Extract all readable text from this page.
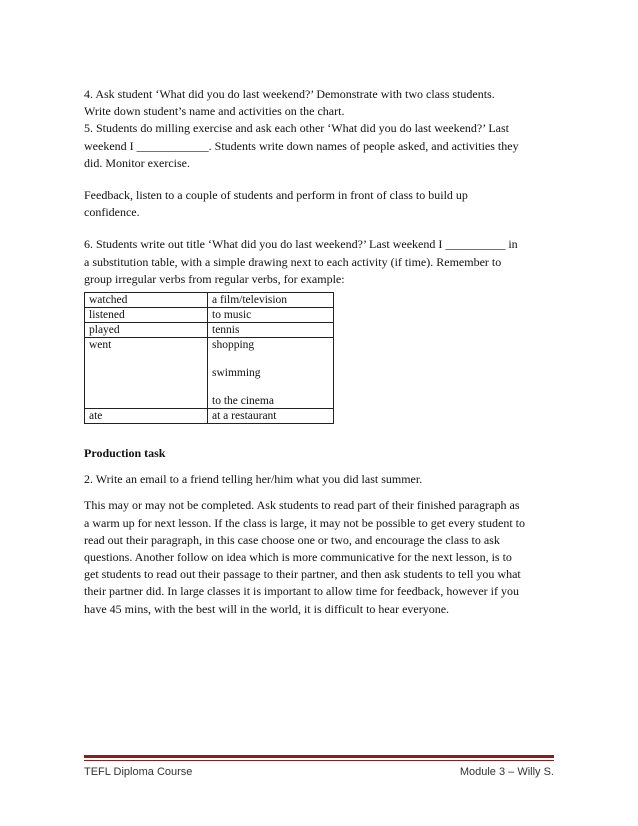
4. Ask student ‘What did you do last weekend?’ Demonstrate with two class students.

Write down student’s name and activities on the chart.

5. Students do milling exercise and ask each other ‘What did you do last weekend?’ Last

weekend I ____________. Students write down names of people asked, and activities they

did. Monitor exercise.

Feedback, listen to a couple of students and perform in front of class to build up

confidence.

6. Students write out title ‘What did you do last weekend?’ Last weekend I __________ in

a substitution table, with a simple drawing next to each activity (if time). Remember to

group irregular verbs from regular verbs, for example:

watched	a film/television

listened	to music

played	tennis

went	shopping
swimming
to the cinema

ate	at a restaurant

Production task

2. Write an email to a friend telling her/him what you did last summer.

This may or may not be completed. Ask students to read part of their finished paragraph as

a warm up for next lesson. If the class is large, it may not be possible to get every student to

read out their paragraph, in this case choose one or two, and encourage the class to ask

questions. Another follow on idea which is more communicative for the next lesson, is to

get students to read out their passage to their partner, and then ask students to tell you what

their partner did. In large classes it is important to allow time for feedback, however if you

have 45 mins, with the best will in the world, it is difficult to hear everyone.

TEFL Diploma Course	Module 3 – Willy S.
